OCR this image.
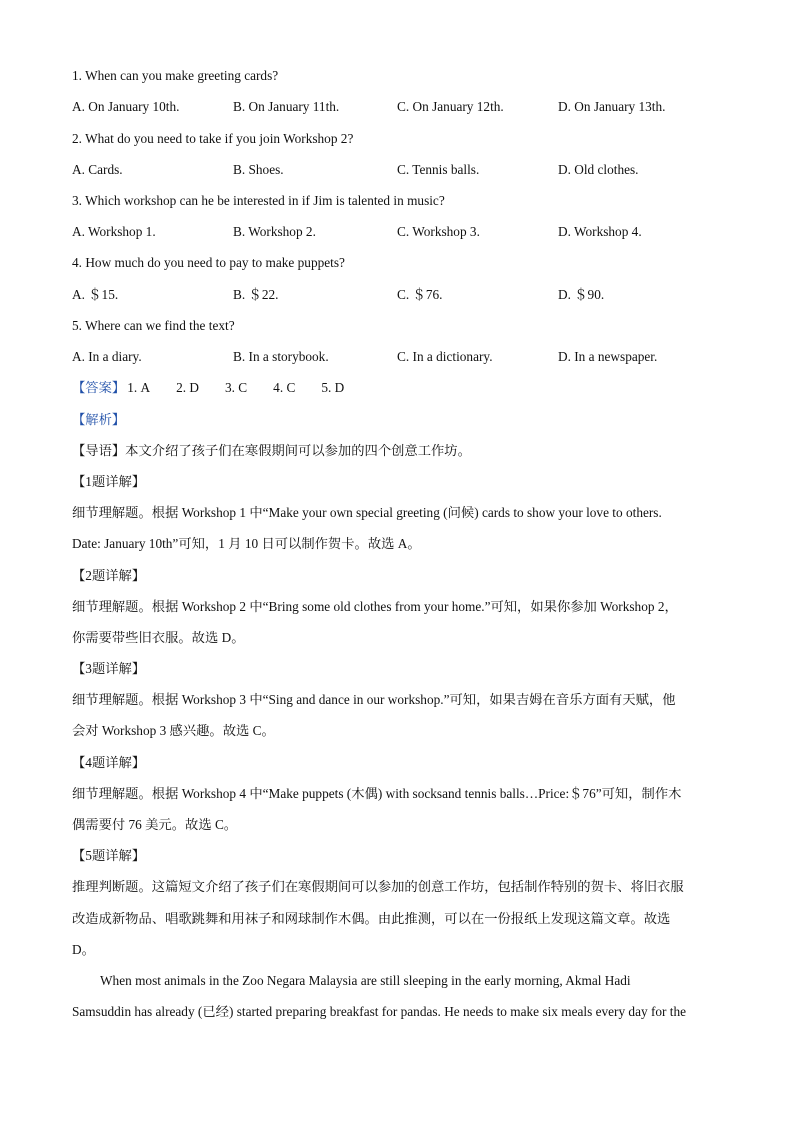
1. When can you make greeting cards?
A. On January 10th.	B. On January 11th.	C. On January 12th.	D. On January 13th.
2. What do you need to take if you join Workshop 2?
A. Cards.	B. Shoes.	C. Tennis balls.	D. Old clothes.
3. Which workshop can he be interested in if Jim is talented in music?
A. Workshop 1.	B. Workshop 2.	C. Workshop 3.	D. Workshop 4.
4. How much do you need to pay to make puppets?
A. ＄15.	B. ＄22.	C. ＄76.	D. ＄90.
5. Where can we find the text?
A. In a diary.	B. In a storybook.	C. In a dictionary.	D. In a newspaper.
【答案】 1. A 2. D 3. C 4. C 5. D
【解析】
【导语】本文介绍了孩子们在寒假期间可以参加的四个创意工作坊。
【1题详解】
细节理解题。根据 Workshop 1 中“Make your own special greeting (问候) cards to show your love to others.
Date: January 10th”可知，1 月 10 日可以制作贺卡。故选 A。
【2题详解】
细节理解题。根据 Workshop 2 中“Bring some old clothes from your home.”可知，如果你参加 Workshop 2，
你需要带些旧衣服。故选 D。
【3题详解】
细节理解题。根据 Workshop 3 中“Sing and dance in our workshop.”可知，如果吉姆在音乐方面有天赋，他
会对 Workshop 3 感兴趣。故选 C。
【4题详解】
细节理解题。根据 Workshop 4 中“Make puppets (木偶) with socksand tennis balls…Price:＄76”可知，制作木
偶需要付 76 美元。故选 C。
【5题详解】
推理判断题。这篇短文介绍了孩子们在寒假期间可以参加的创意工作坊，包括制作特别的贺卡、将旧衣服
改造成新物品、唱歌跳舞和用袜子和网球制作木偶。由此推测，可以在一份报纸上发现这篇文章。故选
D。
When most animals in the Zoo Negara Malaysia are still sleeping in the early morning, Akmal Hadi
Samsuddin has already (已经) started preparing breakfast for pandas. He needs to make six meals every day for the
